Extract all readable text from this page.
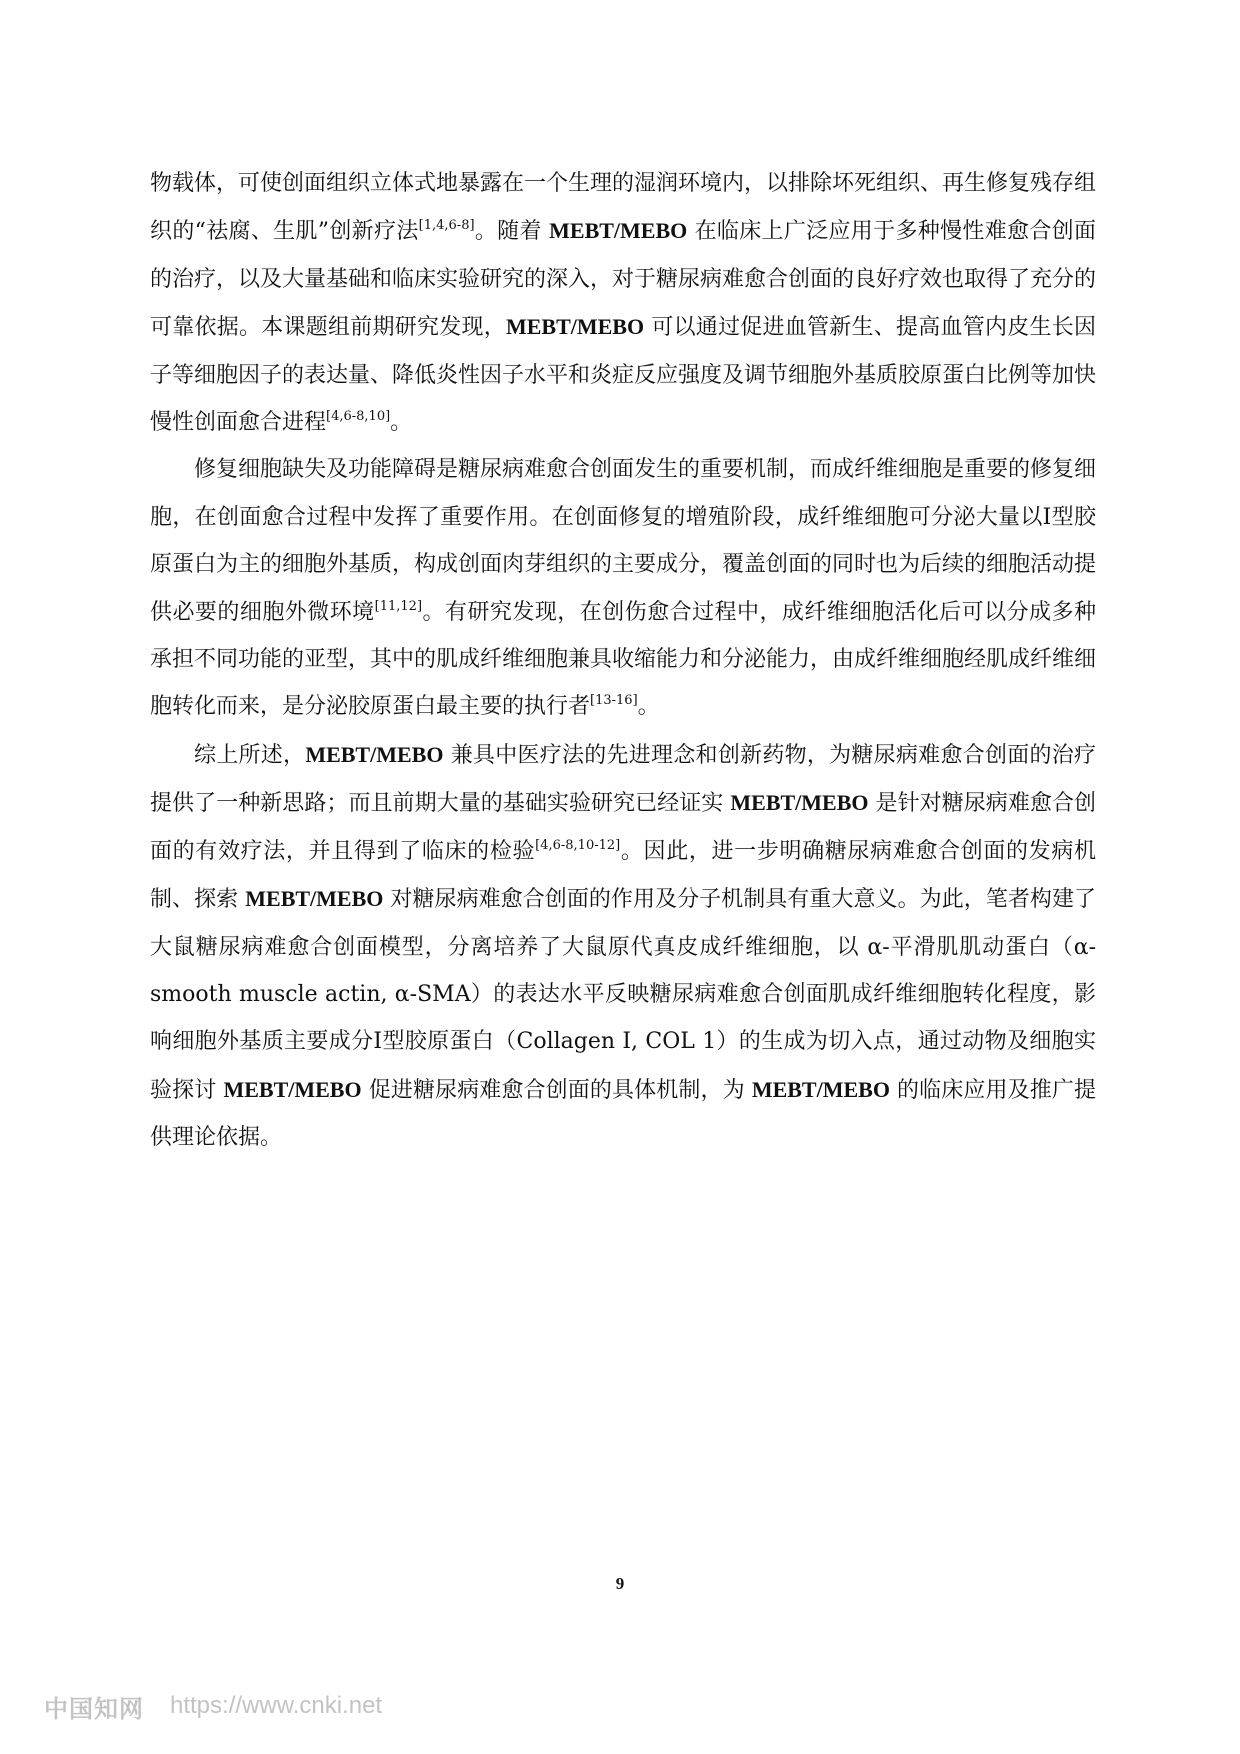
物载体，可使创面组织立体式地暴露在一个生理的湿润环境内，以排除坏死组织、再生修复残存组织的“祛腐、生肌”创新疗法[1,4,6-8]。随着 MEBT/MEBO 在临床上广泛应用于多种慢性难愈合创面的治疗，以及大量基础和临床实验研究的深入，对于糖尿病难愈合创面的良好疗效也取得了充分的可靠依据。本课题组前期研究发现，MEBT/MEBO 可以通过促进血管新生、提高血管内皮生长因子等细胞因子的表达量、降低炎性因子水平和炎症反应强度及调节细胞外基质胶原蛋白比例等加快慢性创面愈合进程[4,6-8,10]。

修复细胞缺失及功能障碍是糖尿病难愈合创面发生的重要机制，而成纤维细胞是重要的修复细胞，在创面愈合过程中发挥了重要作用。在创面修复的增殖阶段，成纤维细胞可分泌大量以Ⅰ型胶原蛋白为主的细胞外基质，构成创面肉芽组织的主要成分，覆盖创面的同时也为后续的细胞活动提供必要的细胞外微环境[11,12]。有研究发现，在创伤愈合过程中，成纤维细胞活化后可以分成多种承担不同功能的亚型，其中的肌成纤维细胞兼具收缩能力和分泌能力，由成纤维细胞经肌成纤维细胞转化而来，是分泌胶原蛋白最主要的执行者[13-16]。

综上所述，MEBT/MEBO 兼具中医疗法的先进理念和创新药物，为糖尿病难愈合创面的治疗提供了一种新思路；而且前期大量的基础实验研究已经证实 MEBT/MEBO 是针对糖尿病难愈合创面的有效疗法，并且得到了临床的检验[4,6-8,10-12]。因此，进一步明确糖尿病难愈合创面的发病机制、探索 MEBT/MEBO 对糖尿病难愈合创面的作用及分子机制具有重大意义。为此，笔者构建了大鼠糖尿病难愈合创面模型，分离培养了大鼠原代真皮成纤维细胞，以 α-平滑肌肌动蛋白（α-smooth muscle actin, α-SMA）的表达水平反映糖尿病难愈合创面肌成纤维细胞转化程度，影响细胞外基质主要成分Ⅰ型胶原蛋白（Collagen I, COL 1）的生成为切入点，通过动物及细胞实验探讨 MEBT/MEBO 促进糖尿病难愈合创面的具体机制，为 MEBT/MEBO 的临床应用及推广提供理论依据。

9
中国知网 https://www.cnki.net
